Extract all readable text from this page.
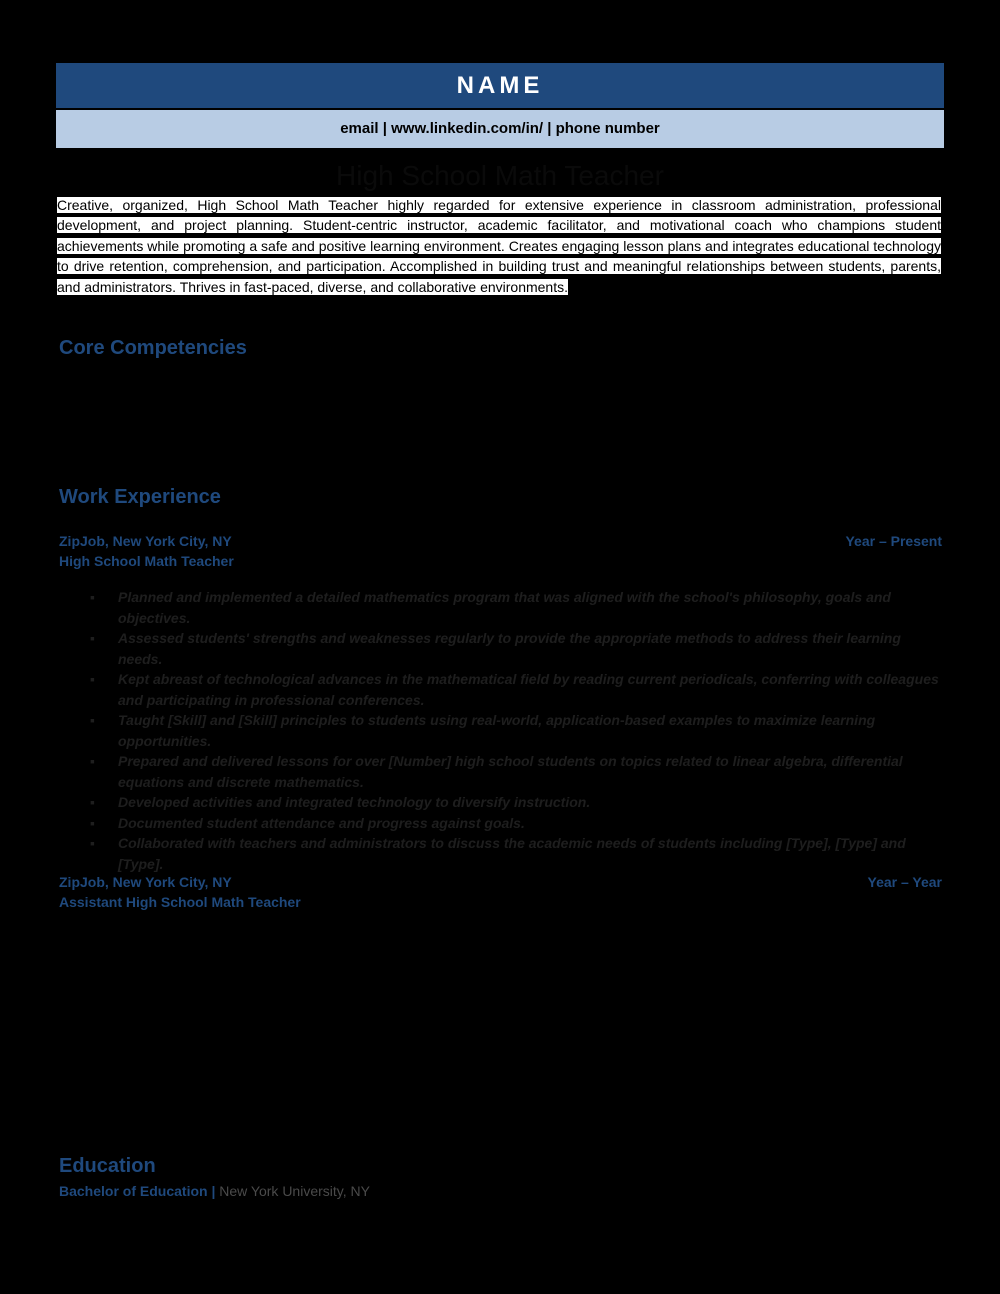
NAME
email | www.linkedin.com/in/ | phone number
High School Math Teacher

Creative, organized, High School Math Teacher highly regarded for extensive experience in classroom administration, professional development, and project planning. Student-centric instructor, academic facilitator, and motivational coach who champions student achievements while promoting a safe and positive learning environment. Creates engaging lesson plans and integrates educational technology to drive retention, comprehension, and participation. Accomplished in building trust and meaningful relationships between students, parents, and administrators. Thrives in fast-paced, diverse, and collaborative environments.

Core Competencies
Work Experience
ZipJob, New York City, NY	Year – Present
High School Math Teacher
▪ Planned and implemented a detailed mathematics program that was aligned with the school's philosophy, goals and objectives.
▪ Assessed students' strengths and weaknesses regularly to provide the appropriate methods to address their learning needs.
▪ Kept abreast of technological advances in the mathematical field by reading current periodicals, conferring with colleagues and participating in professional conferences.
▪ Taught [Skill] and [Skill] principles to students using real-world, application-based examples to maximize learning opportunities.
▪ Prepared and delivered lessons for over [Number] high school students on topics related to linear algebra, differential equations and discrete mathematics.
▪ Developed activities and integrated technology to diversify instruction.
▪ Documented student attendance and progress against goals.
▪ Collaborated with teachers and administrators to discuss the academic needs of students including [Type], [Type] and [Type].
ZipJob, New York City, NY	Year – Year
Assistant High School Math Teacher
Education
Bachelor of Education | New York University, NY
